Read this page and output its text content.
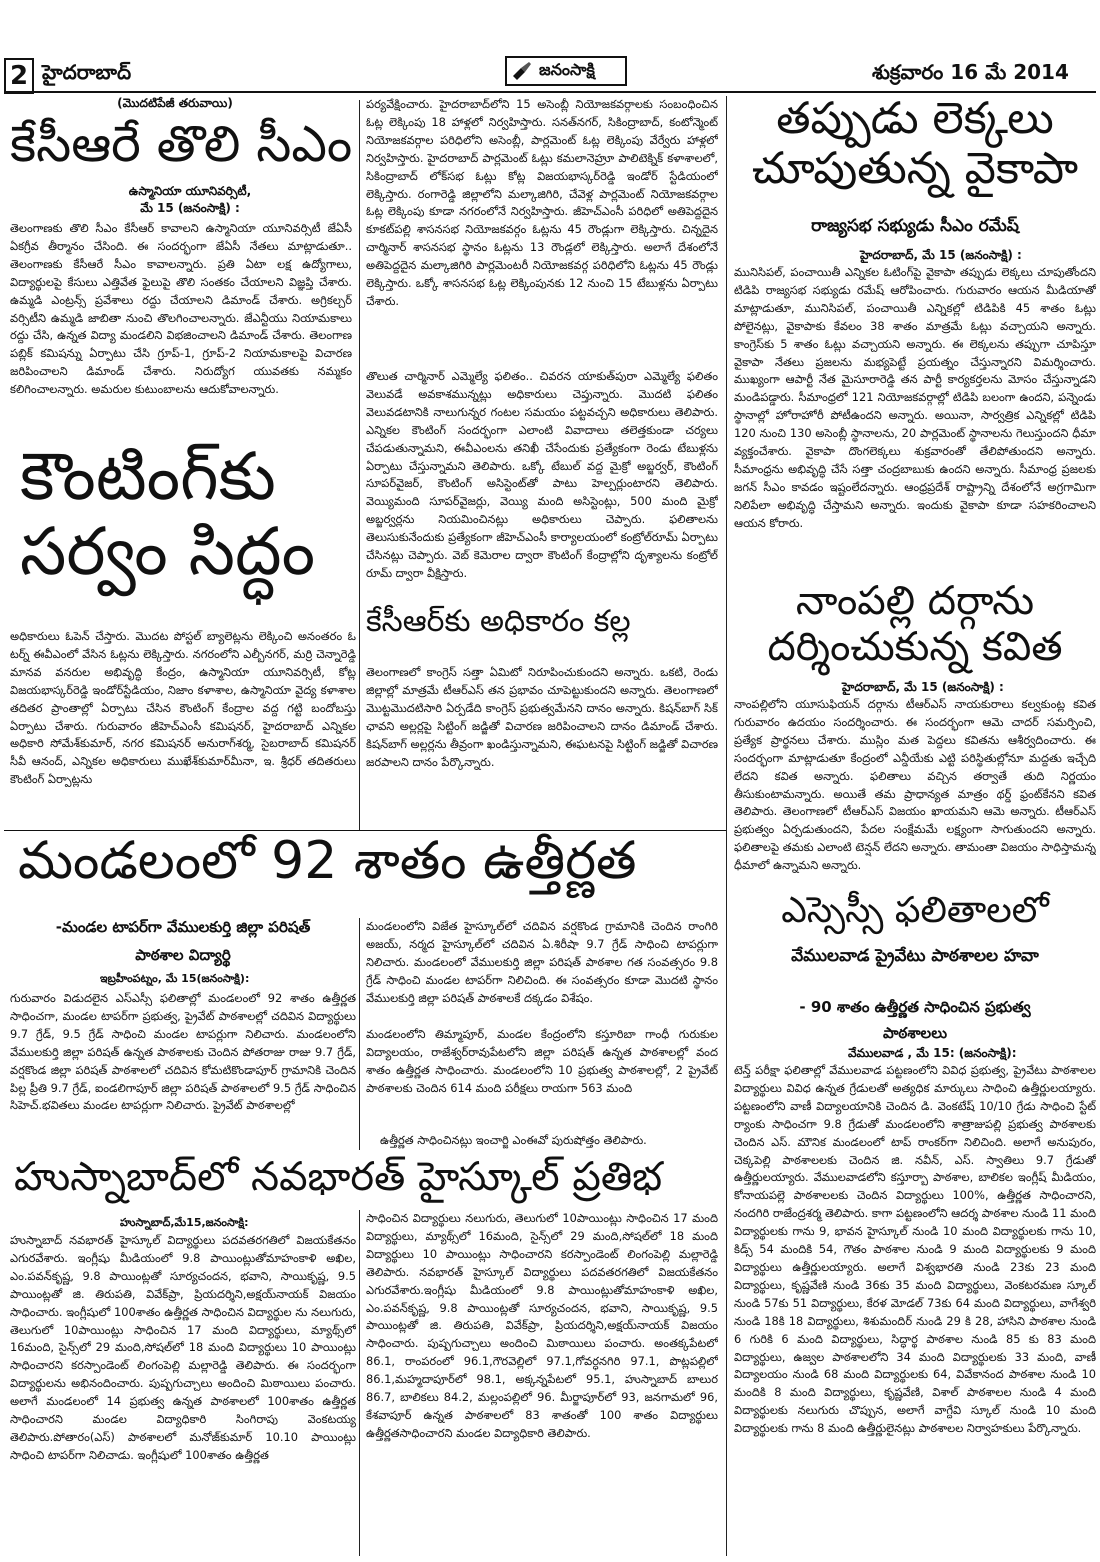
2 హైదరాబాద్	జనంసాక్షి	శుక్రవారం 16 మే 2014
(మొదటిపేజీ తరువాయి)

కేసీఆరే తొలి సీఎం

ఉస్మానియా యూనివర్సిటీ,
మే 15 (జనంసాక్షి) :

తెలంగాణకు తొలి సీఎం కేసీఆర్ కావాలని ఉస్మానియా యూనివర్సిటీ జేఏసీ ఏకగ్రీవ తీర్మానం చేసింది. ఈ సందర్భంగా జేఏసీ నేతలు మాట్లాడుతూ.. తెలంగాణకు కేసీఆరే సీఎం కావాలన్నారు. ప్రతి ఏటా లక్ష ఉద్యోగాలు, విద్యార్థులపై కేసులు ఎత్తివేత ఫైలుపై తొలి సంతకం చేయాలని విజ్ఞప్తి చేశారు. ఉమ్మడి ఎంట్రన్స్ ప్రవేశాలు రద్దు చేయాలని డిమాండ్ చేశారు. అగ్రికల్చర్ వర్సిటీని ఉమ్మడి జాబితా నుంచి తొలగించాలన్నారు. జేఎన్టీయు నియామకాలు రద్దు చేసి, ఉన్నత విద్యా మండలిని విభజించాలని డిమాండ్ చేశారు. తెలంగాణ పబ్లిక్ కమిషన్ను ఏర్పాటు చేసి గ్రూప్-1, గ్రూప్-2 నియామకాలపై విచారణ జరిపించాలని డిమాండ్ చేశారు. నిరుద్యోగ యువతకు నమ్మకం కలిగించాలన్నారు. అమరుల కుటుంబాలను ఆదుకోవాలన్నారు.

కౌంటింగ్‌కు

సర్వం సిద్ధం

అధికారులు ఓపెన్ చేస్తారు. మొదట పోస్టల్ బ్యాలెట్లను లెక్కించి అనంతరం ఓ టర్న్ ఈవీఎంలో వేసిన ఓట్లను లెక్కిస్తారు. నగరంలోని ఎల్బీనగర్, మర్రి చెన్నారెడ్డి మానవ వనరుల అభివృద్ధి కేంద్రం, ఉస్మానియా యూనివర్సిటీ, కోట్ల విజయభాస్కర్‌రెడ్డి ఇండోర్‌స్టేడియం, నిజాం కళాశాల, ఉస్మానియా వైద్య కళాశాల తదితర ప్రాంతాల్లో ఏర్పాటు చేసిన కౌంటింగ్ కేంద్రాల వద్ద గట్టి బందోబస్తు ఏర్పాటు చేశారు. గురువారం జీహెచ్ఎంసీ కమిషనర్, హైదరాబాద్ ఎన్నికల అధికారి సోమేశ్‌కుమార్, నగర కమిషనర్ అనురాగ్‌శర్మ, సైబరాబాద్ కమిషనర్ సీవీ ఆనంద్, ఎన్నికల అధికారులు ముఖేశ్‌కుమార్‌మీనా, ఇ. శ్రీధర్ తదితరులు కౌంటింగ్ ఏర్పాట్లను

పర్యవేక్షించారు. హైదరాబాద్‌లోని 15 అసెంబ్లీ నియోజకవర్గాలకు సంబంధించిన ఓట్ల లెక్కింపు 18 హాళ్లలో నిర్వహిస్తారు. సనత్‌నగర్, సికింద్రాబాద్, కంటోన్మెంట్ నియోజకవర్గాల పరిధిలోని అసెంబ్లీ, పార్లమెంట్ ఓట్ల లెక్కింపు వేర్వేరు హాళ్లలో నిర్వహిస్తారు. హైదరాబాద్ పార్లమెంట్ ఓట్లు కమలానెహ్రూ పాలిటెక్నిక్ కళాశాలలో, సికింద్రాబాద్ లోక్‌సభ ఓట్లు కోట్ల విజయభాస్కర్‌రెడ్డి ఇండోర్ స్టేడియంలో లెక్కిస్తారు. రంగారెడ్డి జిల్లాలోని మల్కాజిగిరి, చేవెళ్ల పార్లమెంట్ నియోజకవర్గాల ఓట్ల లెక్కింపు కూడా నగరంలోనే నిర్వహిస్తారు. జీహెచ్ఎంసీ పరిధిలో అతిపెద్దదైన కూకట్‌పల్లి శాసనసభ నియోజకవర్గం ఓట్లను 45 రౌండ్లుగా లెక్కిస్తారు. చిన్నదైన చార్మినార్ శాసనసభ స్థానం ఓట్లను 13 రౌండ్లలో లెక్కిస్తారు. అలాగే దేశంలోనే అతిపెద్దదైన మల్కాజిగిరి పార్లమెంటరీ నియోజకవర్గ పరిధిలోని ఓట్లను 45 రౌండ్లు లెక్కిస్తారు. ఒక్కో శాసనసభ ఓట్ల లెక్కింపునకు 12 నుంచి 15 టేబుళ్లను ఏర్పాటు చేశారు.

తొలుత చార్మినార్ ఎమ్మెల్యే ఫలితం.. చివరన యాకుత్‌పురా ఎమ్మెల్యే ఫలితం వెలువడే అవకాశమున్నట్లు అధికారులు చెప్తున్నారు. మొదటి ఫలితం వెలువడటానికి నాలుగున్నర గంటల సమయం పట్టవచ్చని అధికారులు తెలిపారు. ఎన్నికల కౌంటింగ్ సందర్భంగా ఎలాంటి వివాదాలు తలెత్తకుండా చర్యలు చేపడుతున్నామని, ఈవీఎంలను తనిఖీ చేసేందుకు ప్రత్యేకంగా రెండు టేబుళ్లను ఏర్పాటు చేస్తున్నామని తెలిపారు. ఒక్కో టేబుల్ వద్ద మైక్రో అబ్జర్వర్, కౌంటింగ్ సూపర్‌వైజర్, కౌంటింగ్ అసిస్టెంట్‌తో పాటు హెల్పర్లుంటారని తెలిపారు. వెయ్యిమంది సూపర్‌వైజర్లు, వెయ్యి మంది అసిస్టెంట్లు, 500 మంది మైక్రో అబ్జర్వర్లను నియమించినట్లు అధికారులు చెప్పారు. ఫలితాలను తెలుసుకునేందుకు ప్రత్యేకంగా జీహెచ్ఎంసీ కార్యాలయంలో కంట్రోల్‌రూమ్ ఏర్పాటు చేసినట్లు చెప్పారు. వెబ్ కెమెరాల ద్వారా కౌంటింగ్ కేంద్రాల్లోని దృశ్యాలను కంట్రోల్ రూమ్ ద్వారా వీక్షిస్తారు.

కేసీఆర్‌కు అధికారం కల్ల

తెలంగాణలో కాంగ్రెస్ సత్తా ఏమిటో నిరూపించుకుందని అన్నారు. ఒకటి, రెండు జిల్లాల్లో మాత్రమే టీఆర్ఎస్ తన ప్రభావం చూపెట్టుకుందని అన్నారు. తెలంగాణలో మొట్టమొదటిసారి ఏర్పడేది కాంగ్రెస్ ప్రభుత్వమేనని దానం అన్నారు. కిషన్‌బాగ్ సిక్ ఛావని అల్లర్లపై సిట్టింగ్ జడ్జితో విచారణ జరిపించాలని దానం డిమాండ్ చేశారు. కిషన్‌బాగ్ అల్లర్లను తీవ్రంగా ఖండిస్తున్నామని, ఈఘటనపై సిట్టింగ్ జడ్జితో విచారణ జరపాలని దానం పేర్కొన్నారు.

తప్పుడు లెక్కలు

చూపుతున్న వైకాపా

రాజ్యసభ సభ్యుడు సీఎం రమేష్
హైదరాబాద్, మే 15 (జనంసాక్షి) :

మునిసిపల్, పంచాయితీ ఎన్నికల ఓటింగ్‌పై వైకాపా తప్పుడు లెక్కలు చూపుతోందని టిడిపి రాజ్యసభ సభ్యుడు రమేష్ ఆరోపించారు. గురువారం ఆయన మీడియాతో మాట్లాడుతూ, మునిసిపల్, పంచాయితీ ఎన్నికల్లో టిడిపికి 45 శాతం ఓట్లు పోలైనట్లు, వైకాపాకు కేవలం 38 శాతం మాత్రమే ఓట్లు వచ్చాయని అన్నారు. కాంగ్రెస్‌కు 5 శాతం ఓట్లు వచ్చాయని అన్నారు. ఈ లెక్కలను తప్పుగా చూపిస్తూ వైకాపా నేతలు ప్రజలను మభ్యపెట్టే ప్రయత్నం చేస్తున్నారని విమర్శించారు. ముఖ్యంగా ఆపార్టీ నేత మైసూరారెడ్డి తన పార్టీ కార్యకర్తలను మోసం చేస్తున్నాడని మండిపడ్డారు. సీమాంధ్రలో 121 నియోజకవర్గాల్లో టిడిపి బలంగా ఉందని, పన్నెండు స్థానాల్లో హోరాహోరీ పోటీఉందని అన్నారు. అయినా, సార్వత్రిక ఎన్నికల్లో టిడిపి 120 నుంచి 130 అసెంబ్లీ స్థానాలను, 20 పార్లమెంట్ స్థానాలను గెలుస్తుందని ధీమా వ్యక్తంచేశారు. వైకాపా దొంగలెక్కలు శుక్రవారంతో తేలిపోతుందని అన్నారు. సీమాంధ్రను అభివృద్ధి చేసే సత్తా చంద్రబాబుకు ఉందని అన్నారు. సీమాంధ్ర ప్రజలకు జగన్ సీఎం కావడం ఇష్టంలేదన్నారు. ఆంధ్రప్రదేశ్ రాష్ట్రాన్ని దేశంలోనే అగ్రగామిగా నిలిపేలా అభివృద్ధి చేస్తామని అన్నారు. ఇందుకు వైకాపా కూడా సహకరించాలని ఆయన కోరారు.

నాంపల్లి దర్గాను

దర్శించుకున్న కవిత

హైదరాబాద్, మే 15 (జనంసాక్షి) :

నాంపల్లిలోని యూసుఫియన్ దర్గాను టీఆర్ఎస్ నాయకురాలు కల్వకుంట్ల కవిత గురువారం ఉదయం సందర్శించారు. ఈ సందర్భంగా ఆమె చాదర్ సమర్పించి, ప్రత్యేక ప్రార్థనలు చేశారు. ముస్లిం మత పెద్దలు కవితను ఆశీర్వదించారు. ఈ సందర్భంగా మాట్లాడుతూ కేంద్రంలో ఎన్డీయేకు ఎట్టి పరిస్థితుల్లోనూ మద్దతు ఇచ్చేది లేదని కవిత అన్నారు. ఫలితాలు వచ్చిన తర్వాతే తుది నిర్ణయం తీసుకుంటామన్నారు. అయితే తమ ప్రాధాన్యత మాత్రం థర్డ్ ఫ్రంట్‌కేనని కవిత తెలిపారు. తెలంగాణలో టీఆర్ఎస్ విజయం ఖాయమని ఆమె అన్నారు. టీఆర్ఎస్ ప్రభుత్వం ఏర్పడుతుందని, పేదల సంక్షేమమే లక్ష్యంగా సాగుతుందని అన్నారు. ఫలితాలపై తమకు ఎలాంటి టెన్షన్ లేదని అన్నారు. తామంతా విజయం సాధిస్తామన్న ధీమాలో ఉన్నామని అన్నారు.

ఎస్సెస్సీ ఫలితాలలో

వేములవాడ ప్రైవేటు పాఠశాలల హవా
- 90 శాతం ఉత్తీర్ణత సాధించిన ప్రభుత్వ
పాఠశాలలు
వేములవాడ , మే 15: (జనంసాక్షి):

టెన్త్ పరీక్షా ఫలితాల్లో వేములవాడ పట్టణంలోని వివిధ ప్రభుత్వ, ప్రైవేటు పాఠశాలల విద్యార్థులు వివిధ ఉన్నత గ్రేడులతో అత్యధిక మార్కులు సాధించి ఉత్తీర్ణులయ్యారు. పట్టణంలోని వాణీ విద్యాలయానికి చెందిన డి. వెంకటేష్ 10/10 గ్రేడు సాధించి స్టేట్ ర్యాంకు సాధించగా 9.8 గ్రేడుతో మండలంలోని శాత్రాజుపల్లి ప్రభుత్వ పాఠశాలకు చెందిన ఎస్. మౌనిక మండలంలో టాప్ రాంకర్‌గా నిలిచింది. అలాగే అనుపురం, చెక్కపెల్లి పాఠశాలలకు చెందిన జి. నవీన్, ఎస్. స్వాతిలు 9.7 గ్రేడుతో ఉత్తీర్ణులయ్యారు. వేములవాడలోని కస్తూర్బా పాఠశాల, బాలికల ఇంగ్లీష్ మీడియం, కోనాయపల్లె పాఠశాలలకు చెందిన విద్యార్థులు 100%, ఉత్తీర్ణత సాధించారని, నందగిరి రాజేంద్రశర్మ తెలిపారు. కాగా పట్టణంలోని ఆదర్శ పాఠశాల నుండి 11 మంది విద్యార్థులకు గాను 9, భావన హైస్కూల్ నుండి 10 మంది విద్యార్థులకు గాను 10, కిడ్స్ 54 మందికి 54, గౌతం పాఠశాల నుండి 9 మంది విద్యార్థులకు 9 మంది విద్యార్థులు ఉత్తీర్ణులయ్యారు. అలాగే విశ్వభారతి నుండి 23కు 23 మంది విద్యార్థులు, కృష్ణవేణి నుండి 36కు 35 మంది విద్యార్థులు, వెంకటరమణ స్కూల్ నుండి 57కు 51 విద్యార్థులు, కేరళ మోడల్ 73కు 64 మంది విద్యార్థులు, వాగేశ్వరి నుండి 18కి 18 విద్యార్థులు, శిశుమందిర్ నుండి 29 కి 28, హాసిని పాఠశాల నుండి 6 గురికి 6 మంది విద్యార్థులు, సిద్ధార్థ పాఠశాల నుండి 85 కు 83 మంది విద్యార్థులు, ఉజ్వల పాఠశాలలోని 34 మంది విద్యార్థులకు 33 మంది, వాణీ విద్యాలయం నుండి 68 మంది విద్యార్థులకు 64, వివేకానంద పాఠశాల నుండి 10 మందికి 8 మంది విద్యార్థులు, కృష్ణవేణి, విశాల్ పాఠశాలల నుండి 4 మంది విద్యార్థులకు నలుగురు చొప్పున, అలాగే వాగ్దేవి స్కూల్ నుండి 10 మంది విద్యార్థులకు గాను 8 మంది ఉత్తీర్ణులైనట్లు పాఠశాలల నిర్వాహకులు పేర్కొన్నారు.

మండలంలో 92 శాతం ఉత్తీర్ణత

-మండల టాపర్‌గా వేములకుర్తి జిల్లా పరిషత్
పాఠశాల విద్యార్థి
ఇబ్రహీంపట్నం, మే 15(జనంసాక్షి):

గురువారం విడుదలైన ఎస్ఎస్సీ ఫలితాల్లో మండలంలో 92 శాతం ఉత్తీర్ణత సాధించగా, మండల టాపర్‌గా ప్రభుత్వ, ప్రైవేట్ పాఠశాలల్లో చదివిన విద్యార్థులు 9.7 గ్రేడ్, 9.5 గ్రేడ్ సాధించి మండల టాపర్లుగా నిలిచారు. మండలంలోని వేములకుర్తి జిల్లా పరిషత్ ఉన్నత పాఠశాలకు చెందిన పోతరాజు రాజు 9.7 గ్రేడ్, వర్షకొండ జిల్లా పరిషత్ పాఠశాలలో చదివిన కోమటికొండాపూర్ గ్రామానికి చెందిన పిల్ల ప్రీతి 9.7 గ్రేడ్, ఐండలిగాపూర్ జిల్లా పరిషత్ పాఠశాలలో 9.5 గ్రేడ్ సాధించిన సిహెచ్.భవితలు మండల టాపర్లుగా నిలిచారు. ప్రైవేట్ పాఠశాలల్లో

మండలంలోని విజేత హైస్కూల్‌లో చదివిన వర్షకొండ గ్రామానికి చెందిన రాంగిరి అజయ్, నర్మద హైస్కూల్‌లో చదివిన ఏ.శిరీషా 9.7 గ్రేడ్ సాధించి టాపర్లుగా నిలిచారు. మండలంలో వేములకుర్తి జిల్లా పరిషత్ పాఠశాల గత సంవత్సరం 9.8 గ్రేడ్ సాధించి మండల టాపర్‌గా నిలిచింది. ఈ సంవత్సరం కూడా మొదటి స్థానం వేములకుర్తి జిల్లా పరిషత్ పాఠశాలకే దక్కడం విశేషం.

మండలంలోని తిమ్మాపూర్, మండల కేంద్రంలోని కస్తూరిబా గాంధీ గురుకుల విద్యాలయం, రాజేశ్వర్‌రావుపేటలోని జిల్లా పరిషత్ ఉన్నత పాఠశాలల్లో వంద శాతం ఉత్తీర్ణత సాధించారు. మండలంలోని 10 ప్రభుత్వ పాఠశాలల్లో, 2 ప్రైవేట్ పాఠశాలకు చెందిన 614 మంది పరీక్షలు రాయగా 563 మంది

ఉత్తీర్ణత సాధించినట్లు ఇంచార్జి ఎంఈవో పురుషోత్తం తెలిపారు.

హుస్నాబాద్‌లో నవభారత్ హైస్కూల్ ప్రతిభ

హుస్నాబాద్,మే15,జనంసాక్షి:

హుస్నాబాద్ నవభారత్ హైస్కూల్ విద్యార్థులు పదవతరగతిలో విజయకేతనం ఎగురవేశారు. ఇంగ్లీషు మీడియంలో 9.8 పాయింట్లుతోమాహంకాళి అఖిల, ఎం.పవన్‌కృష్ణ, 9.8 పాయింట్లతో సూర్యచందన, భవాని, సాయికృష్ణ, 9.5 పాయింట్లతో జి. తిరుపతి, వివేక్‌ప్రా, ప్రియదర్శిని,అక్షయ్‌నాయక్ విజయం సాధించారు. ఇంగ్లీషులో 100శాతం ఉత్తీర్ణత సాధించిన విద్యార్థుల ను నలుగురు, తెలుగులో 10పాయింట్లు సాధించిన 17 మంది విద్యార్థులు, మ్యాథ్స్‌లో 16మంది, సైన్స్‌లో 29 మంది,సోషల్‌లో 18 మంది విద్యార్థులు 10 పాయింట్లు సాధించారని కరస్పాండెంట్ లింగంపెల్లి మల్లారెడ్డి తెలిపారు. ఈ సందర్భంగా విద్యార్థులను అభినందించారు. పుష్పగుచ్చాలు అందించి మిఠాయిలు పంచారు. అలాగే మండలంలో 14 ప్రభుత్వ ఉన్నత పాఠశాలలో 100శాతం ఉత్తీర్ణత సాధించారని మండల విద్యాధికారి సింగిరాపు వెంకటయ్య తెలిపారు.పోతారం(ఎస్) పాఠశాలలో మనోజ్‌కుమార్ 10.10 పాయింట్లు సాధించి టాపర్‌గా నిలిచాడు. ఇంగ్లీషులో 100శాతం ఉత్తీర్ణత

సాధించిన విద్యార్థులు నలుగురు, తెలుగులో 10పాయింట్లు సాధించిన 17 మంది విద్యార్థులు, మ్యాథ్స్‌లో 16మంది, సైన్స్‌లో 29 మంది,సోషల్‌లో 18 మంది విద్యార్థులు 10 పాయింట్లు సాధించారని కరస్పాండెంట్ లింగంపెల్లి మల్లారెడ్డి తెలిపారు. నవభారత్ హైస్కూల్ విద్యార్థులు పదవతరగతిలో విజయకేతనం ఎగురవేశారు.ఇంగ్లీషు మీడియంలో 9.8 పాయింట్లుతోమాహంకాళి అఖిల, ఎం.పవన్‌కృష్ణ, 9.8 పాయింట్లతో సూర్యచందన, భవాని, సాయికృష్ణ, 9.5 పాయింట్లతో జి. తిరుపతి, వివేక్‌ప్రా, ప్రియదర్శిని,అక్షయ్‌నాయక్ విజయం సాధించారు. పుష్పగుచ్చాలు అందించి మిఠాయిలు పంచారు. అంతక్కపేటలో 86.1, రాంపరంలో 96.1,గౌరవెల్లిలో 97.1,గోవర్ధనగిరి 97.1, పొట్లపల్లిలో 86.1,మహ్మదాపూర్‌లో 98.1, అక్కన్నపేటలో 95.1, హుస్నాబాద్ బాలుర 86.7, బాలికలు 84.2, మల్లంపల్లిలో 96. మీర్జాపూర్‌లో 93, జనగామలో 96, కేశవాపూర్ ఉన్నత పాఠశాలలో 83 శాతంతో 100 శాతం విద్యార్థులు ఉత్తీర్ణతసాధించారని మండల విద్యాధికారి తెలిపారు.
